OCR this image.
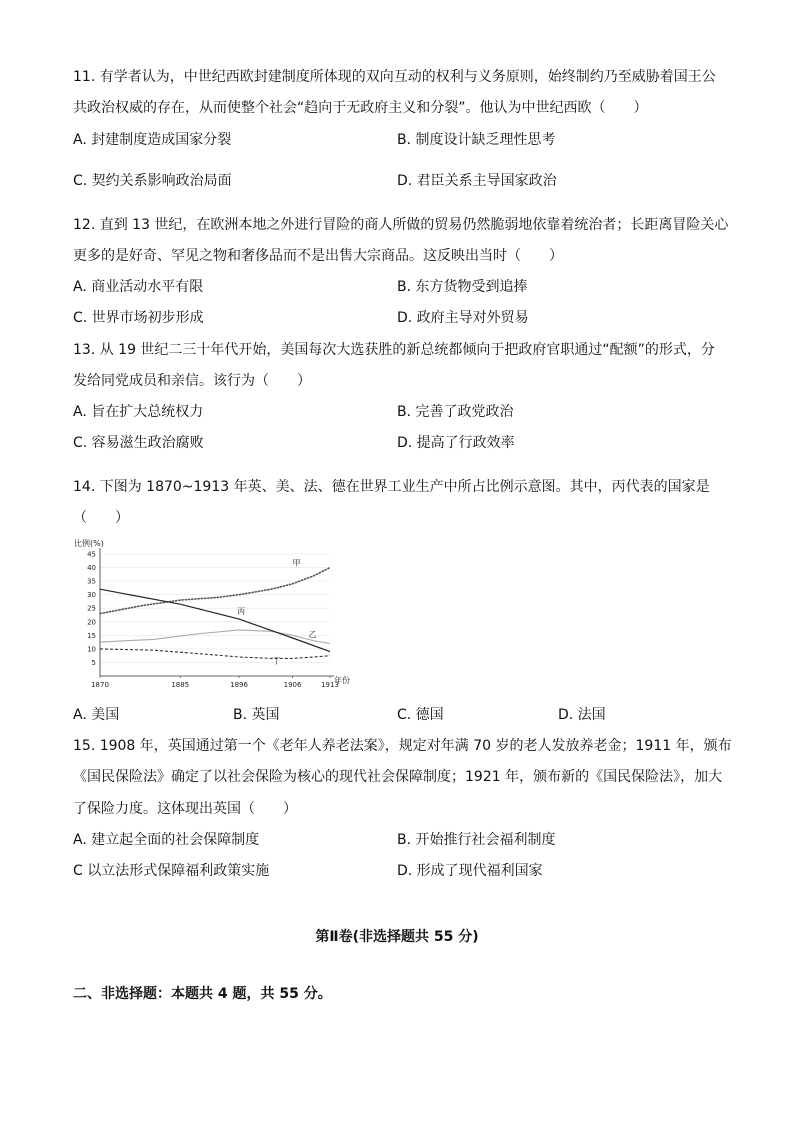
11. 有学者认为，中世纪西欧封建制度所体现的双向互动的权利与义务原则，始终制约乃至威胁着国王公
共政治权威的存在，从而使整个社会“趋向于无政府主义和分裂”。他认为中世纪西欧（　　）
A. 封建制度造成国家分裂	B. 制度设计缺乏理性思考
C. 契约关系影响政治局面	D. 君臣关系主导国家政治
12. 直到 13 世纪，在欧洲本地之外进行冒险的商人所做的贸易仍然脆弱地依靠着统治者；长距离冒险关心
更多的是好奇、罕见之物和奢侈品而不是出售大宗商品。这反映出当时（　　）
A. 商业活动水平有限	B. 东方货物受到追捧
C. 世界市场初步形成	D. 政府主导对外贸易
13. 从 19 世纪二三十年代开始，美国每次大选获胜的新总统都倾向于把政府官职通过“配额”的形式，分
发给同党成员和亲信。该行为（　　）
A. 旨在扩大总统权力	B. 完善了政党政治
C. 容易滋生政治腐败	D. 提高了行政效率
14. 下图为 1870~1913 年英、美、法、德在世界工业生产中所占比例示意图。其中，丙代表的国家是
（　　）
比例(%)
5
10
15
20
25
30
35
40
45
1870	1885	1896	1906	1913
甲
乙
丙
丁
年份
A. 美国	B. 英国	C. 德国	D. 法国
15. 1908 年，英国通过第一个《老年人养老法案》，规定对年满 70 岁的老人发放养老金；1911 年，颁布
《国民保险法》确定了以社会保险为核心的现代社会保障制度；1921 年，颁布新的《国民保险法》，加大
了保险力度。这体现出英国（　　）
A. 建立起全面的社会保障制度	B. 开始推行社会福利制度
C 以立法形式保障福利政策实施	D. 形成了现代福利国家
第Ⅱ卷(非选择题共 55 分)
二、非选择题：本题共 4 题，共 55 分。
